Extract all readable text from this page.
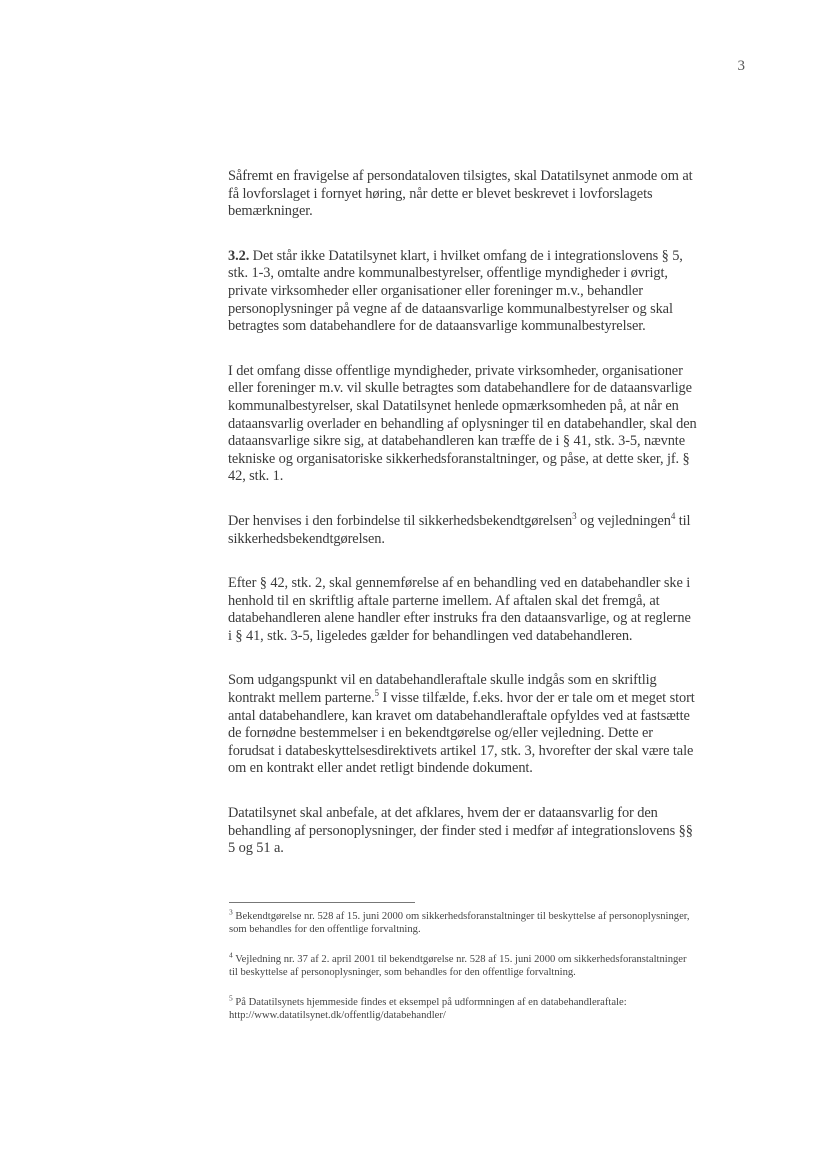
3

Såfremt en fravigelse af persondataloven tilsigtes, skal Datatilsynet anmode om at få lovforslaget i fornyet høring, når dette er blevet beskrevet i lovforslagets bemærkninger.

3.2. Det står ikke Datatilsynet klart, i hvilket omfang de i integrationslovens § 5, stk. 1-3, omtalte andre kommunalbestyrelser, offentlige myndigheder i øvrigt, private virksomheder eller organisationer eller foreninger m.v., behandler personoplysninger på vegne af de dataansvarlige kommunalbestyrelser og skal betragtes som databehandlere for de dataansvarlige kommunalbestyrelser.

I det omfang disse offentlige myndigheder, private virksomheder, organisationer eller foreninger m.v. vil skulle betragtes som databehandlere for de dataansvarlige kommunalbestyrelser, skal Datatilsynet henlede opmærksomheden på, at når en dataansvarlig overlader en behandling af oplysninger til en databehandler, skal den dataansvarlige sikre sig, at databehandleren kan træffe de i § 41, stk. 3-5, nævnte tekniske og organisatoriske sikkerhedsforanstaltninger, og påse, at dette sker, jf. § 42, stk. 1.

Der henvises i den forbindelse til sikkerhedsbekendtgørelsen$^3$ og vejledningen$^4$ til sikkerhedsbekendtgørelsen.

Efter § 42, stk. 2, skal gennemførelse af en behandling ved en databehandler ske i henhold til en skriftlig aftale parterne imellem. Af aftalen skal det fremgå, at databehandleren alene handler efter instruks fra den dataansvarlige, og at reglerne i § 41, stk. 3-5, ligeledes gælder for behandlingen ved databehandleren.

Som udgangspunkt vil en databehandleraftale skulle indgås som en skriftlig kontrakt mellem parterne.$^5$ I visse tilfælde, f.eks. hvor der er tale om et meget stort antal databehandlere, kan kravet om databehandleraftale opfyldes ved at fastsætte de fornødne bestemmelser i en bekendtgørelse og/eller vejledning. Dette er forudsat i databeskyttelsesdirektivets artikel 17, stk. 3, hvorefter der skal være tale om en kontrakt eller andet retligt bindende dokument.

Datatilsynet skal anbefale, at det afklares, hvem der er dataansvarlig for den behandling af personoplysninger, der finder sted i medfør af integrationslovens §§ 5 og 51 a.

$^3$ Bekendtgørelse nr. 528 af 15. juni 2000 om sikkerhedsforanstaltninger til beskyttelse af personoplysninger, som behandles for den offentlige forvaltning.

$^4$ Vejledning nr. 37 af 2. april 2001 til bekendtgørelse nr. 528 af 15. juni 2000 om sikkerhedsforanstaltninger til beskyttelse af personoplysninger, som behandles for den offentlige forvaltning.

$^5$ På Datatilsynets hjemmeside findes et eksempel på udformningen af en databehandleraftale: http://www.datatilsynet.dk/offentlig/databehandler/
